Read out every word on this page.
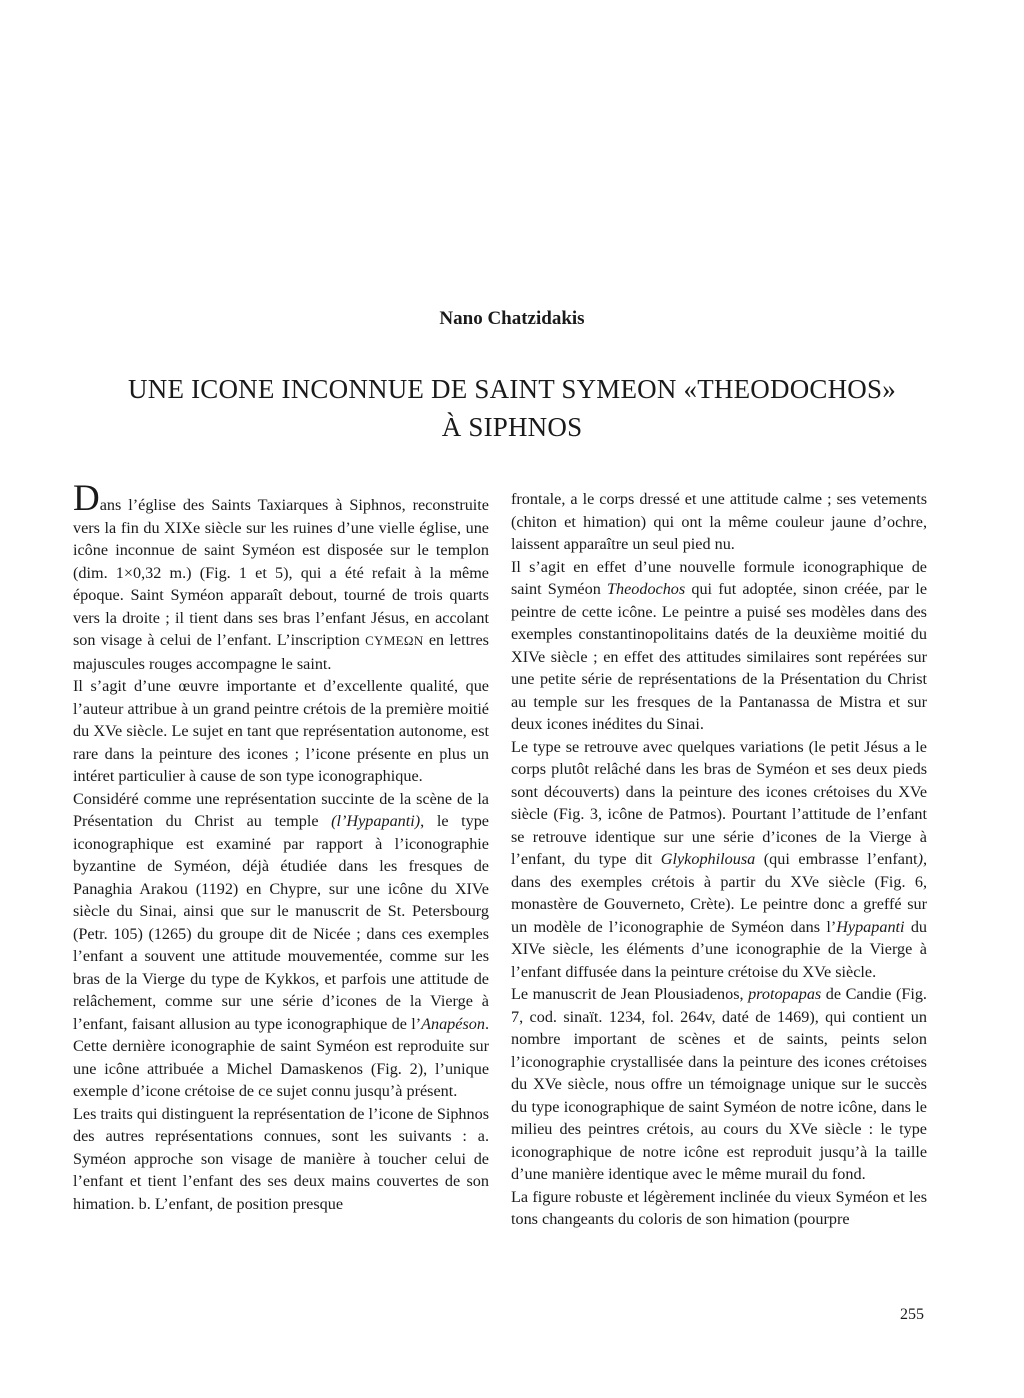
Nano Chatzidakis
UNE ICONE INCONNUE DE SAINT SYMEON «THEODOCHOS»
À SIPHNOS

Dans l’église des Saints Taxiarques à Siphnos, reconstruite vers la fin du XIXe siècle sur les ruines d’une vielle église, une icône inconnue de saint Syméon est disposée sur le templon (dim. 1×0,32 m.) (Fig. 1 et 5), qui a été refait à la même époque. Saint Syméon apparaît debout, tourné de trois quarts vers la droite ; il tient dans ses bras l’enfant Jésus, en accolant son visage à celui de l’enfant. L’inscription CYMEΩN en lettres majuscules rouges accompagne le saint.

Il s’agit d’une œuvre importante et d’excellente qualité, que l’auteur attribue à un grand peintre crétois de la première moitié du XVe siècle. Le sujet en tant que représentation autonome, est rare dans la peinture des icones ; l’icone présente en plus un intéret particulier à cause de son type iconographique.

Considéré comme une représentation succinte de la scène de la Présentation du Christ au temple (l’Hypapanti), le type iconographique est examiné par rapport à l’iconographie byzantine de Syméon, déjà étudiée dans les fresques de Panaghia Arakou (1192) en Chypre, sur une icône du XIVe siècle du Sinai, ainsi que sur le manuscrit de St. Petersbourg (Petr. 105) (1265) du groupe dit de Nicée ; dans ces exemples l’enfant a souvent une attitude mouvementée, comme sur les bras de la Vierge du type de Kykkos, et parfois une attitude de relâchement, comme sur une série d’icones de la Vierge à l’enfant, faisant allusion au type iconographique de l’Anapéson. Cette dernière iconographie de saint Syméon est reproduite sur une icône attribuée a Michel Damaskenos (Fig. 2), l’unique exemple d’icone crétoise de ce sujet connu jusqu’à présent.

Les traits qui distinguent la représentation de l’icone de Siphnos des autres représentations connues, sont les suivants : a. Syméon approche son visage de manière à toucher celui de l’enfant et tient l’enfant des ses deux mains couvertes de son himation. b. L’enfant, de position presque

frontale, a le corps dressé et une attitude calme ; ses vetements (chiton et himation) qui ont la même couleur jaune d’ochre, laissent apparaître un seul pied nu.

Il s’agit en effet d’une nouvelle formule iconographique de saint Syméon Theodochos qui fut adoptée, sinon créée, par le peintre de cette icône. Le peintre a puisé ses modèles dans des exemples constantinopolitains datés de la deuxième moitié du XIVe siècle ; en effet des attitudes similaires sont repérées sur une petite série de représentations de la Présentation du Christ au temple sur les fresques de la Pantanassa de Mistra et sur deux icones inédites du Sinai.

Le type se retrouve avec quelques variations (le petit Jésus a le corps plutôt relâché dans les bras de Syméon et ses deux pieds sont découverts) dans la peinture des icones crétoises du XVe siècle (Fig. 3, icône de Patmos). Pourtant l’attitude de l’enfant se retrouve identique sur une série d’icones de la Vierge à l’enfant, du type dit Glykophilousa (qui embrasse l’enfant), dans des exemples crétois à partir du XVe siècle (Fig. 6, monastère de Gouverneto, Crète). Le peintre donc a greffé sur un modèle de l’iconographie de Syméon dans l’Hypapanti du XIVe siècle, les éléments d’une iconographie de la Vierge à l’enfant diffusée dans la peinture crétoise du XVe siècle.

Le manuscrit de Jean Plousiadenos, protopapas de Candie (Fig. 7, cod. sinaït. 1234, fol. 264v, daté de 1469), qui contient un nombre important de scènes et de saints, peints selon l’iconographie crystallisée dans la peinture des icones crétoises du XVe siècle, nous offre un témoignage unique sur le succès du type iconographique de saint Syméon de notre icône, dans le milieu des peintres crétois, au cours du XVe siècle : le type iconographique de notre icône est reproduit jusqu’à la taille d’une manière identique avec le même murail du fond.

La figure robuste et légèrement inclinée du vieux Syméon et les tons changeants du coloris de son himation (pourpre

255
